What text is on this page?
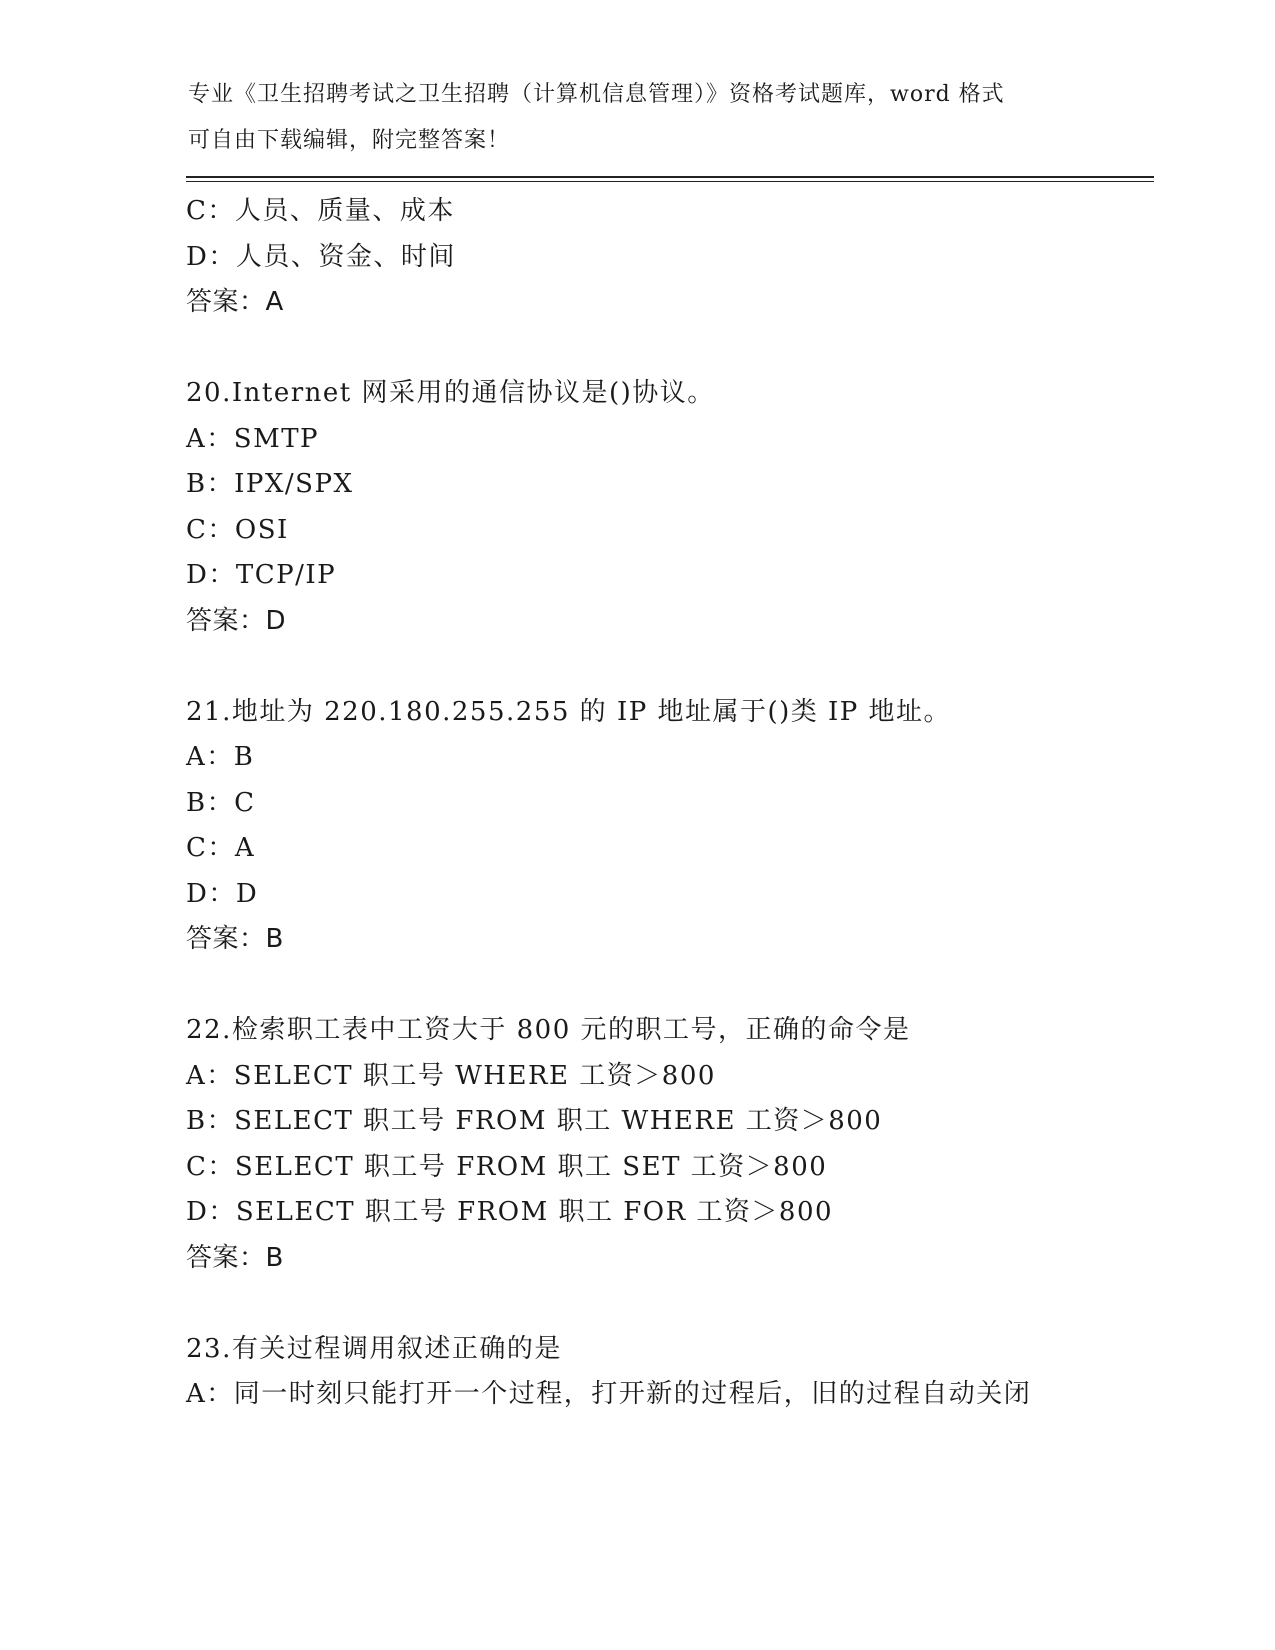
专业《卫生招聘考试之卫生招聘（计算机信息管理）》资格考试题库，word 格式
可自由下载编辑，附完整答案！
C：人员、质量、成本
D：人员、资金、时间
答案：A
20.Internet 网采用的通信协议是()协议。
A：SMTP
B：IPX/SPX
C：OSI
D：TCP/IP
答案：D
21.地址为 220.180.255.255 的 IP 地址属于()类 IP 地址。
A：B
B：C
C：A
D：D
答案：B
22.检索职工表中工资大于 800 元的职工号，正确的命令是
A：SELECT 职工号 WHERE 工资＞800
B：SELECT 职工号 FROM 职工 WHERE 工资＞800
C：SELECT 职工号 FROM 职工 SET 工资＞800
D：SELECT 职工号 FROM 职工 FOR 工资＞800
答案：B
23.有关过程调用叙述正确的是
A：同一时刻只能打开一个过程，打开新的过程后，旧的过程自动关闭
